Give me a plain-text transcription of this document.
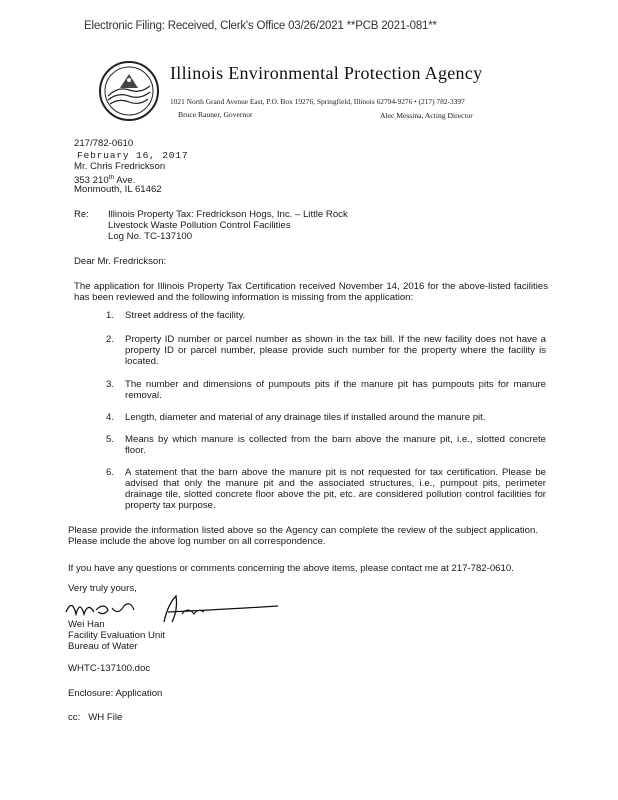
Electronic Filing: Received, Clerk's Office 03/26/2021 **PCB 2021-081**
Illinois Environmental Protection Agency
1021 North Grand Avenue East, P.O. Box 19276, Springfield, Illinois 62794-9276 • (217) 782-3397
Bruce Rauner, Governor	Alec Messina, Acting Director
217/782-0610
February 16, 2017
Mr. Chris Fredrickson
353 210th Ave.
Monmouth, IL 61462
Re: Illinois Property Tax: Fredrickson Hogs, Inc. – Little Rock
Livestock Waste Pollution Control Facilities
Log No. TC-137100
Dear Mr. Fredrickson:
The application for Illinois Property Tax Certification received November 14, 2016 for the above-listed facilities has been reviewed and the following information is missing from the application:
1. Street address of the facility.
2. Property ID number or parcel number as shown in the tax bill. If the new facility does not have a property ID or parcel number, please provide such number for the property where the facility is located.
3. The number and dimensions of pumpouts pits if the manure pit has pumpouts pits for manure removal.
4. Length, diameter and material of any drainage tiles if installed around the manure pit.
5. Means by which manure is collected from the barn above the manure pit, i.e., slotted concrete floor.
6. A statement that the barn above the manure pit is not requested for tax certification. Please be advised that only the manure pit and the associated structures, i.e., pumpout pits, perimeter drainage tile, slotted concrete floor above the pit, etc. are considered pollution control facilities for property tax purpose.
Please provide the information listed above so the Agency can complete the review of the subject application. Please include the above log number on all correspondence.
If you have any questions or comments concerning the above items, please contact me at 217-782-0610.
Very truly yours,
Wei Han
Facility Evaluation Unit
Bureau of Water
WHTC-137100.doc
Enclosure: Application
cc:   WH File
